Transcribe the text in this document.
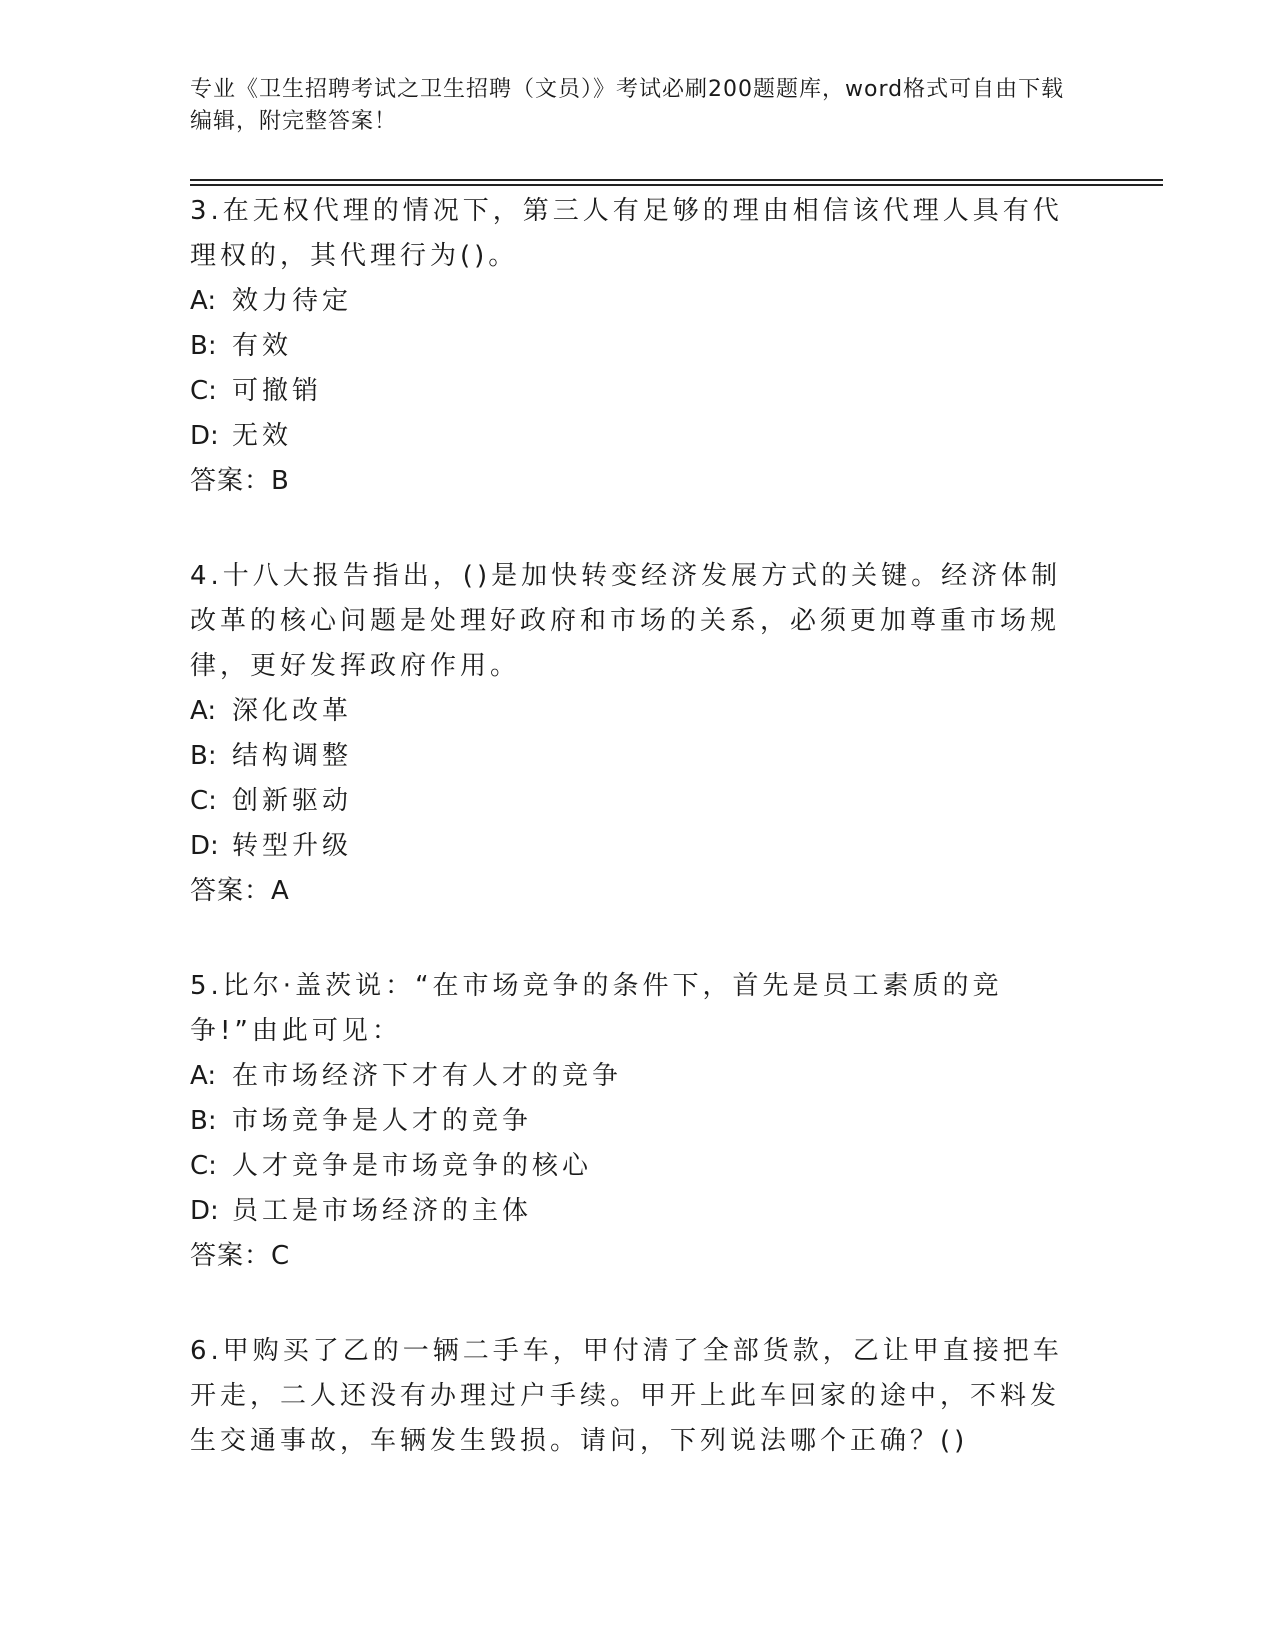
专业《卫生招聘考试之卫生招聘（文员）》考试必刷200题题库，word格式可自由下载编辑，附完整答案！
3.在无权代理的情况下，第三人有足够的理由相信该代理人具有代理权的，其代理行为()。
A: 效力待定
B: 有效
C: 可撤销
D: 无效
答案：B
4.十八大报告指出，()是加快转变经济发展方式的关键。经济体制改革的核心问题是处理好政府和市场的关系，必须更加尊重市场规律，更好发挥政府作用。
A: 深化改革
B: 结构调整
C: 创新驱动
D: 转型升级
答案：A
5.比尔·盖茨说：“在市场竞争的条件下，首先是员工素质的竞争!”由此可见：
A: 在市场经济下才有人才的竞争
B: 市场竞争是人才的竞争
C: 人才竞争是市场竞争的核心
D: 员工是市场经济的主体
答案：C
6.甲购买了乙的一辆二手车，甲付清了全部货款，乙让甲直接把车开走，二人还没有办理过户手续。甲开上此车回家的途中，不料发生交通事故，车辆发生毁损。请问，下列说法哪个正确？()
